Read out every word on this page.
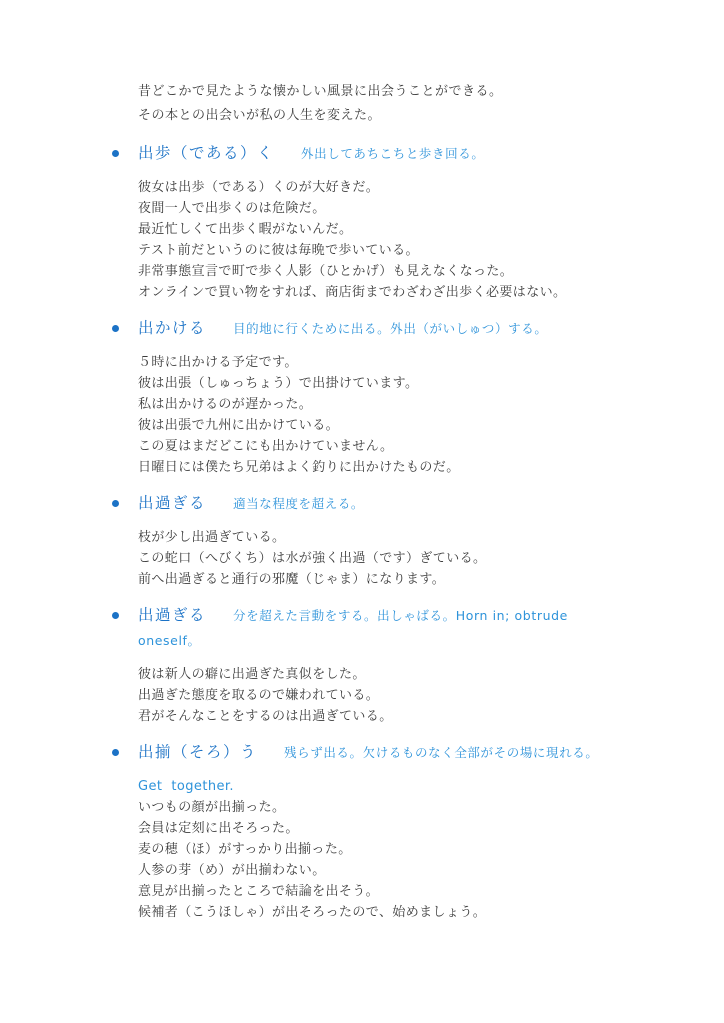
昔どこかで見たような懐かしい風景に出会うことができる。

その本との出会いが私の人生を変えた。

出歩（である）く 外出してあちこちと歩き回る。

彼女は出歩（である）くのが大好きだ。

夜間一人で出歩くのは危険だ。

最近忙しくて出歩く暇がないんだ。

テスト前だというのに彼は毎晩で歩いている。

非常事態宣言で町で歩く人影（ひとかげ）も見えなくなった。

オンラインで買い物をすれば、商店街までわざわざ出歩く必要はない。

出かける 目的地に行くために出る。外出（がいしゅつ）する。

５時に出かける予定です。

彼は出張（しゅっちょう）で出掛けています。

私は出かけるのが遅かった。

彼は出張で九州に出かけている。

この夏はまだどこにも出かけていません。

日曜日には僕たち兄弟はよく釣りに出かけたものだ。

出過ぎる 適当な程度を超える。

枝が少し出過ぎている。

この蛇口（へびくち）は水が強く出過（です）ぎている。

前へ出過ぎると通行の邪魔（じゃま）になります。

出過ぎる 分を超えた言動をする。出しゃばる。Horn in; obtrude oneself。

彼は新人の癖に出過ぎた真似をした。

出過ぎた態度を取るので嫌われている。

君がそんなことをするのは出過ぎている。

出揃（そろ）う 残らず出る。欠けるものなく全部がその場に現れる。

Get  together.

いつもの顔が出揃った。

会員は定刻に出そろった。

麦の穂（ほ）がすっかり出揃った。

人参の芽（め）が出揃わない。

意見が出揃ったところで結論を出そう。

候補者（こうほしゃ）が出そろったので、始めましょう。
